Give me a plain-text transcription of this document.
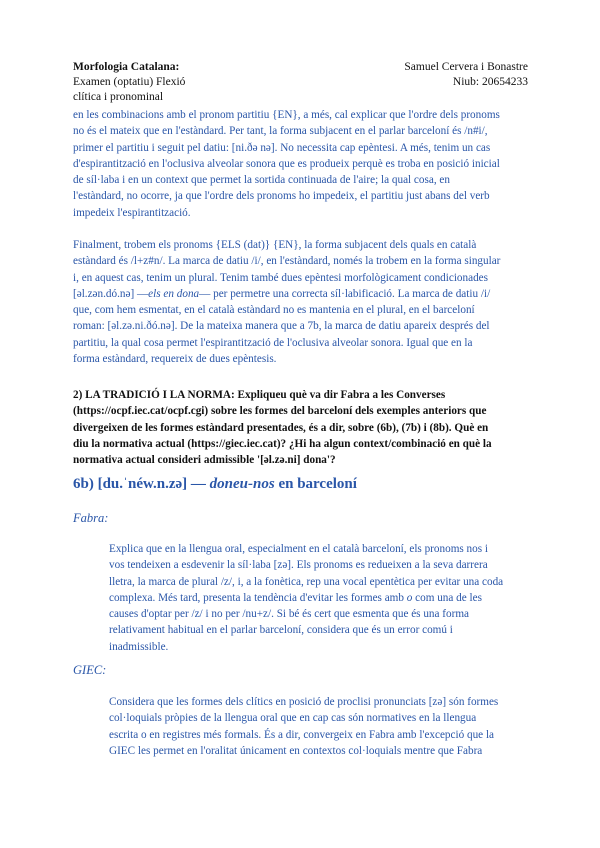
Morfologia Catalana:
Examen (optatiu) Flexió
clítica i pronominal
Samuel Cervera i Bonastre
Niub: 20654233
en les combinacions amb el pronom partitiu {EN}, a més, cal explicar que l'ordre dels pronoms
no és el mateix que en l'estàndard. Per tant, la forma subjacent en el parlar barceloní és /n#i/,
primer el partitiu i seguit pel datiu: [ni.ðə nə]. No necessita cap epèntesi. A més, tenim un cas
d'espirantització en l'oclusiva alveolar sonora que es produeix perquè es troba en posició inicial
de síl·laba i en un context que permet la sortida continuada de l'aire; la qual cosa, en
l'estàndard, no ocorre, ja que l'ordre dels pronoms ho impedeix, el partitiu just abans del verb
impedeix l'espirantització.
Finalment, trobem els pronoms {ELS (dat)} {EN}, la forma subjacent dels quals en català
estàndard és /l+z#n/. La marca de datiu /i/, en l'estàndard, només la trobem en la forma singular
i, en aquest cas, tenim un plural. Tenim també dues epèntesi morfològicament condicionades
[əl.zən.dó.nə] —els en dona— per permetre una correcta síl·labificació. La marca de datiu /i/
que, com hem esmentat, en el català estàndard no es mantenia en el plural, en el barceloní
roman: [əl.zə.ni.ðó.nə]. De la mateixa manera que a 7b, la marca de datiu apareix després del
partitiu, la qual cosa permet l'espirantització de l'oclusiva alveolar sonora. Igual que en la
forma estàndard, requereix de dues epèntesis.
2) LA TRADICIÓ I LA NORMA: Expliqueu què va dir Fabra a les Converses
(https://ocpf.iec.cat/ocpf.cgi) sobre les formes del barceloní dels exemples anteriors que
divergeixen de les formes estàndard presentades, és a dir, sobre (6b), (7b) i (8b). Què en
diu la normativa actual (https://giec.iec.cat)? ¿Hi ha algun context/combinació en què la
normativa actual consideri admissible '[əl.zə.ni] dona'?
6b) [du.ˈnéw.n.zə] — doneu-nos en barceloní
Fabra:
Explica que en la llengua oral, especialment en el català barceloní, els pronoms nos i
vos tendeixen a esdevenir la síl·laba [zə]. Els pronoms es redueixen a la seva darrera
lletra, la marca de plural /z/, i, a la fonètica, rep una vocal epentètica per evitar una coda
complexa. Més tard, presenta la tendència d'evitar les formes amb o com una de les
causes d'optar per /z/ i no per /nu+z/. Si bé és cert que esmenta que és una forma
relativament habitual en el parlar barceloní, considera que és un error comú i
inadmissible.
GIEC:
Considera que les formes dels clítics en posició de proclisi pronunciats [zə] són formes
col·loquials pròpies de la llengua oral que en cap cas són normatives en la llengua
escrita o en registres més formals. És a dir, convergeix en Fabra amb l'excepció que la
GIEC les permet en l'oralitat únicament en contextos col·loquials mentre que Fabra
